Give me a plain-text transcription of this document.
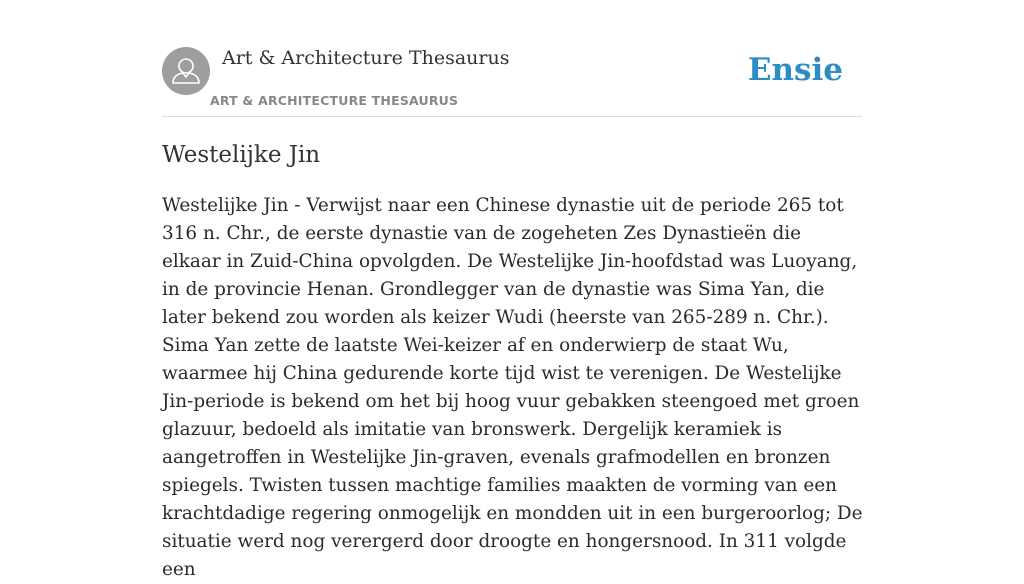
Art & Architecture Thesaurus
ART & ARCHITECTURE THESAURUS
Ensie
Westelijke Jin

Westelijke Jin - Verwijst naar een Chinese dynastie uit de periode 265 tot 316 n. Chr., de eerste dynastie van de zogeheten Zes Dynastieën die elkaar in Zuid-China opvolgden. De Westelijke Jin-hoofdstad was Luoyang, in de provincie Henan. Grondlegger van de dynastie was Sima Yan, die later bekend zou worden als keizer Wudi (heerste van 265-289 n. Chr.). Sima Yan zette de laatste Wei-keizer af en onderwierp de staat Wu, waarmee hij China gedurende korte tijd wist te verenigen. De Westelijke Jin-periode is bekend om het bij hoog vuur gebakken steengoed met groen glazuur, bedoeld als imitatie van bronswerk. Dergelijk keramiek is aangetroffen in Westelijke Jin-graven, evenals grafmodellen en bronzen spiegels. Twisten tussen machtige families maakten de vorming van een krachtdadige regering onmogelijk en mondden uit in een burgeroorlog; De situatie werd nog verergerd door droogte en hongersnood. In 311 volgde een
